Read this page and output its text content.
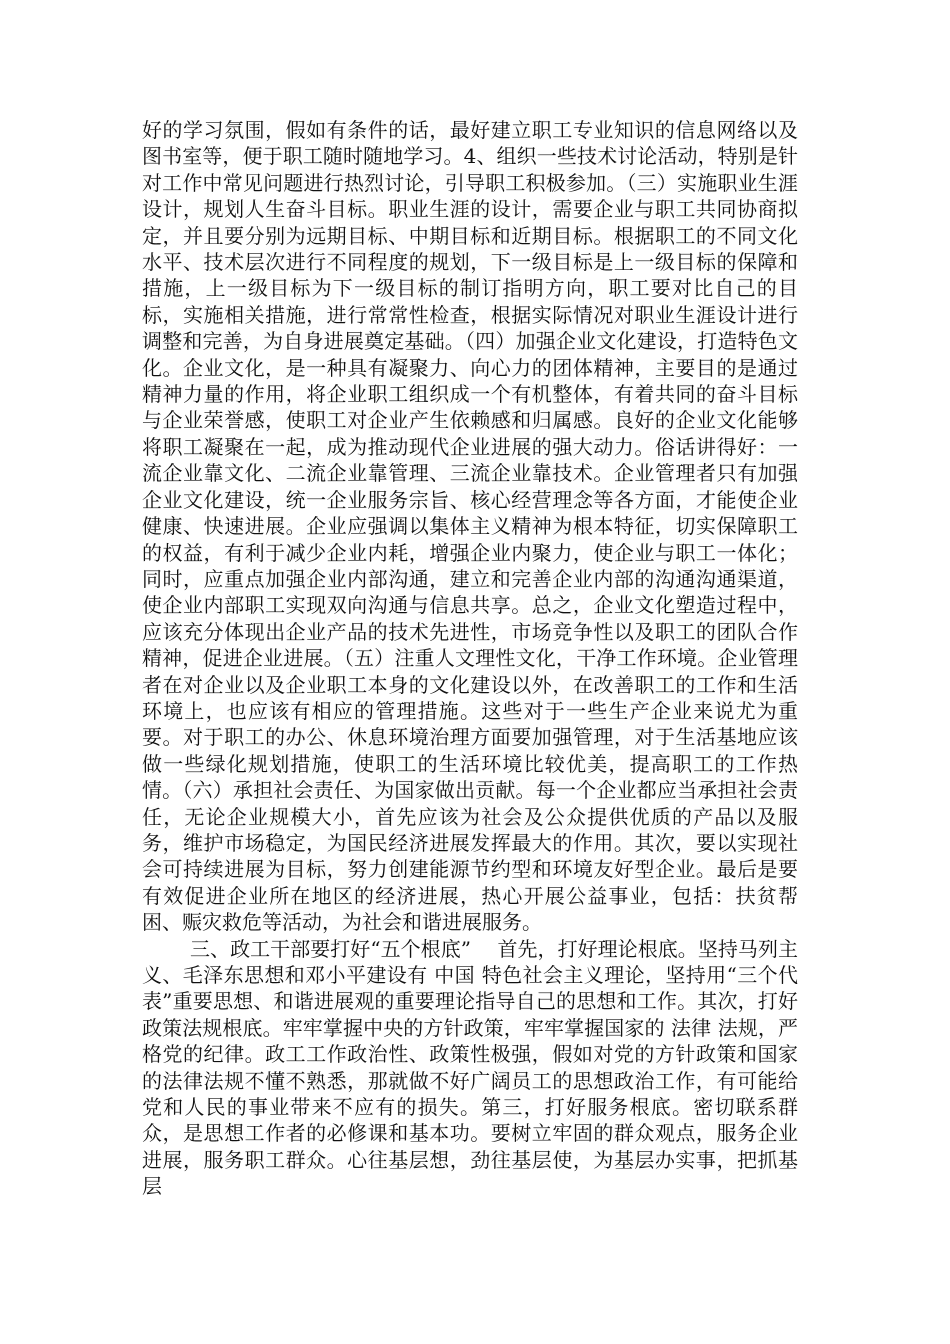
好的学习氛围，假如有条件的话，最好建立职工专业知识的信息网络以及图书室等，便于职工随时随地学习。4、组织一些技术讨论活动，特别是针对工作中常见问题进行热烈讨论，引导职工积极参加。（三）实施职业生涯设计，规划人生奋斗目标。职业生涯的设计，需要企业与职工共同协商拟定，并且要分别为远期目标、中期目标和近期目标。根据职工的不同文化水平、技术层次进行不同程度的规划，下一级目标是上一级目标的保障和措施，上一级目标为下一级目标的制订指明方向，职工要对比自己的目标，实施相关措施，进行常常性检查，根据实际情况对职业生涯设计进行调整和完善，为自身进展奠定基础。（四）加强企业文化建设，打造特色文化。企业文化，是一种具有凝聚力、向心力的团体精神，主要目的是通过精神力量的作用，将企业职工组织成一个有机整体，有着共同的奋斗目标与企业荣誉感，使职工对企业产生依赖感和归属感。良好的企业文化能够将职工凝聚在一起，成为推动现代企业进展的强大动力。俗话讲得好：一流企业靠文化、二流企业靠管理、三流企业靠技术。企业管理者只有加强企业文化建设，统一企业服务宗旨、核心经营理念等各方面，才能使企业健康、快速进展。企业应强调以集体主义精神为根本特征，切实保障职工的权益，有利于减少企业内耗，增强企业内聚力，使企业与职工一体化；同时，应重点加强企业内部沟通，建立和完善企业内部的沟通沟通渠道，使企业内部职工实现双向沟通与信息共享。总之，企业文化塑造过程中，应该充分体现出企业产品的技术先进性，市场竞争性以及职工的团队合作精神，促进企业进展。（五）注重人文理性文化，干净工作环境。企业管理者在对企业以及企业职工本身的文化建设以外，在改善职工的工作和生活环境上，也应该有相应的管理措施。这些对于一些生产企业来说尤为重要。对于职工的办公、休息环境治理方面要加强管理，对于生活基地应该做一些绿化规划措施，使职工的生活环境比较优美，提高职工的工作热情。（六）承担社会责任、为国家做出贡献。每一个企业都应当承担社会责任，无论企业规模大小，首先应该为社会及公众提供优质的产品以及服务，维护市场稳定，为国民经济进展发挥最大的作用。其次，要以实现社会可持续进展为目标，努力创建能源节约型和环境友好型企业。最后是要有效促进企业所在地区的经济进展，热心开展公益事业，包括：扶贫帮困、赈灾救危等活动，为社会和谐进展服务。

三、政工干部要打好“五个根底”　 首先，打好理论根底。坚持马列主义、毛泽东思想和邓小平建设有 中国 特色社会主义理论，坚持用“三个代表”重要思想、和谐进展观的重要理论指导自己的思想和工作。其次，打好政策法规根底。牢牢掌握中央的方针政策，牢牢掌握国家的 法律 法规，严格党的纪律。政工工作政治性、政策性极强，假如对党的方针政策和国家的法律法规不懂不熟悉，那就做不好广阔员工的思想政治工作，有可能给党和人民的事业带来不应有的损失。第三，打好服务根底。密切联系群众，是思想工作者的必修课和基本功。要树立牢固的群众观点，服务企业进展，服务职工群众。心往基层想，劲往基层使，为基层办实事，把抓基层
